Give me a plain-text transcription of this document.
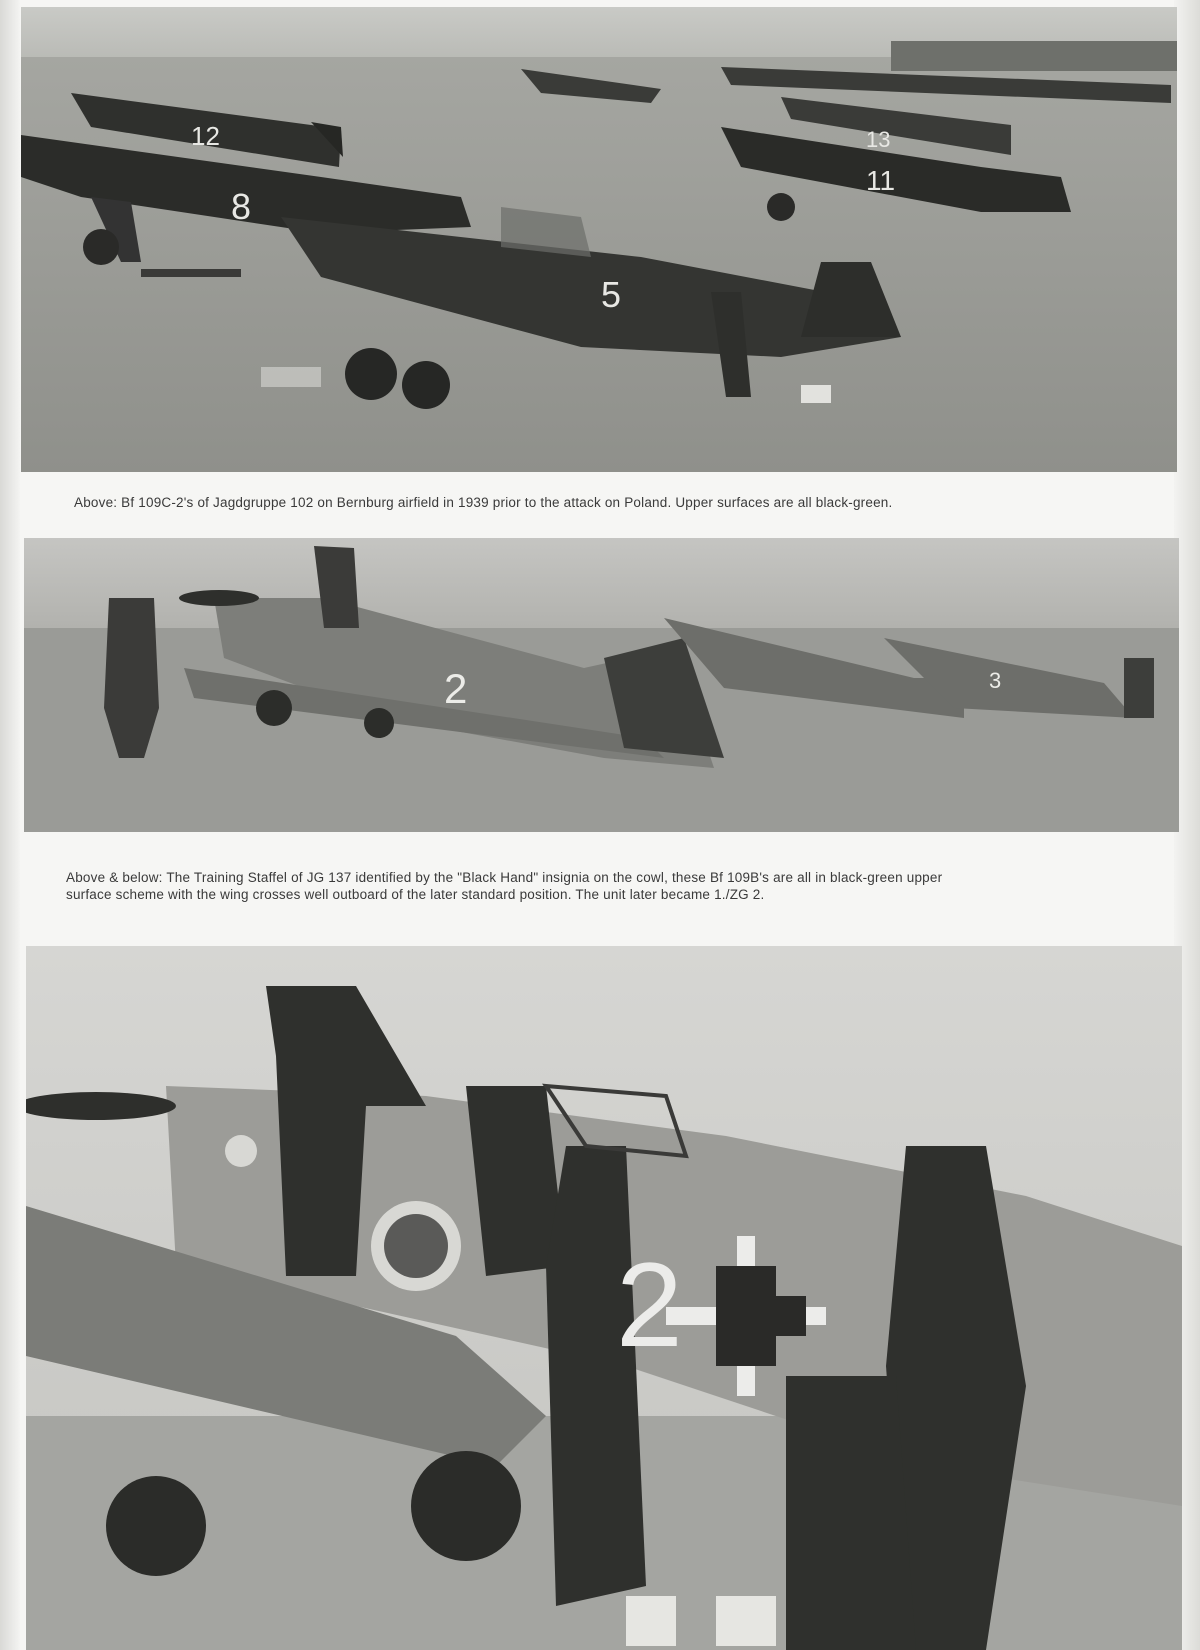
12
8
5
13
11
Above: Bf 109C-2's of Jagdgruppe 102 on Bernburg airfield in 1939 prior to the attack on Poland. Upper surfaces are all black-green.
2	3
Above & below: The Training Staffel of JG 137 identified by the "Black Hand" insignia on the cowl, these Bf 109B's are all in black-green upper
surface scheme with the wing crosses well outboard of the later standard position. The unit later became 1./ZG 2.
2
